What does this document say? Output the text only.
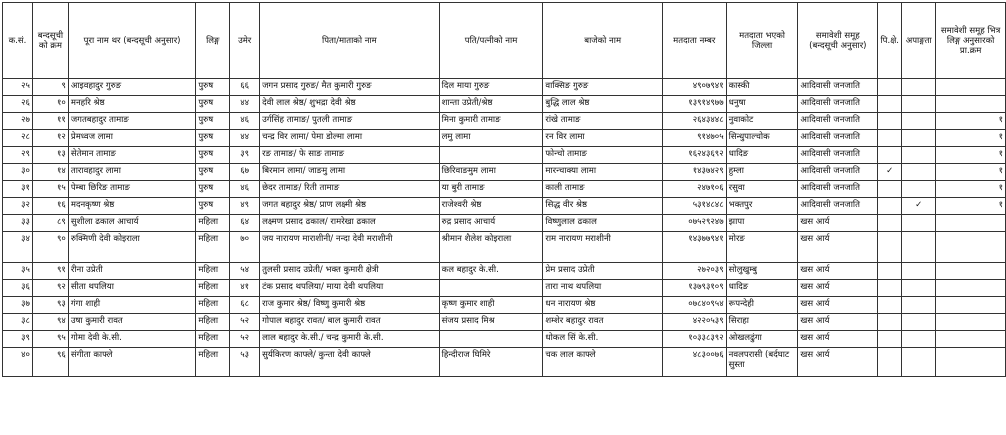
क.सं.	बन्दसूची को क्रम	पूरा नाम थर (बन्दसूची अनुसार)	लिङ्ग	उमेर	पिता/माताको नाम	पति/पत्नीको नाम	बाजेको नाम	मतदाता नम्बर	मतदाता भएको जिल्ला	समावेशी समूह (बन्दसूची अनुसार)	पि.क्षे.	अपाङ्गता	समावेशी समूह भित्र लिङ्ग अनुसारको प्रा.क्रम
२५	९	आइवहादुर गुरुङ	पुरुष	६६	जगन प्रसाद गुरुङ/ मैत कुमारी गुरुङ	दिल माया गुरुङ	वाक्सिङ गुरुङ	४९०७९४१	कास्की	आदिवासी जनजाति			
२६	१०	मनहरि श्रेष्ठ	पुरुष	४४	देवी लाल श्रेष्ठ/ शुभद्रा देवी श्रेष्ठ	शान्ता उप्रेती/श्रेष्ठ	बुद्धि लाल श्रेष्ठ	१३९१४९७७	धनुषा	आदिवासी जनजाति			
२७	११	जगतबहादुर तामाङ	पुरुष	४६	उर्गसिंह तामाङ/ पुतली तामाङ	मिना कुमारी तामाङ	रांखे तामाङ	२६४३४४८	नुवाकोट	आदिवासी जनजाति			१
२८	१२	प्रेमध्वज लामा	पुरुष	४४	चन्द्र विर लामा/ पेमा डोल्मा लामा	लमु लामा	रन विर लामा	९१४७०५	सिन्धुपाल्चोक	आदिवासी जनजाति			१
२९	१३	सेतेमान तामाङ	पुरुष	३९	रङ तामाङ/ फे साङ तामाङ		फोन्चो तामाङ	१६२४३६९२	धादिङ	आदिवासी जनजाति			१
३०	१४	तारावहादुर लामा	पुरुष	६७	बिरमान लामा/ जाङमु लामा	छिरिवाङमुम लामा	मारन्चाक्या लामा	१४३७४२९	हुम्ला	आदिवासी जनजाति	✓		१
३१	१५	पेम्बा छिरिङ तामाङ	पुरुष	४६	छेदर तामाङ/ रिती तामाङ	या बुरी तामाङ	काली तामाङ	२४७१०६	रसुवा	आदिवासी जनजाति			१
३२	१६	मदनकृष्ण श्रेष्ठ	पुरुष	४९	जगत बहादुर श्रेष्ठ/ प्राण लक्ष्मी श्रेष्ठ	राजेश्वरी श्रेष्ठ	सिद्ध वीर श्रेष्ठ	५३१४८४८	भक्तपुर	आदिवासी जनजाति		✓	१
३३	८९	सुशीला ढकाल आचार्य	महिला	६४	लक्ष्मण प्रसाद ढकाल/ रामरेखा ढकाल	रुद्र प्रसाद आचार्य	विष्णुलाल ढकाल	०७५२९२४७	झापा	खस आर्य			
३४	९०	रुक्मिणी देवी कोइराला	महिला	७०	जय नारायण माराशीनी/ नन्दा देवी मराशीनी	श्रीमान शैलेश कोइराला	राम नारायण मराशीनी	१४३७७९४१	मोरङ	खस आर्य			
३५	९१	रीना उप्रेती	महिला	५४	तुलसी प्रसाद उप्रेती/ भक्त कुमारी क्षेत्री	कल बहादुर के.सी.	प्रेम प्रसाद उप्रेती	२७२०३९	सोलुखुम्बु	खस आर्य			
३६	९२	सीता थपलिया	महिला	४१	टंक प्रसाद थपलिया/ माया देवी थपलिया		तारा नाथ थपलिया	१३७९३१०९	धादिङ	खस आर्य			
३७	९३	गंगा शाही	महिला	६८	राज कुमार श्रेष्ठ/ विष्णु कुमारी श्रेष्ठ	कृष्ण कुमार शाही	धन नारायण श्रेष्ठ	०७८४०९५४	रूपन्देही	खस आर्य			
३८	९४	उषा कुमारी रावत	महिला	५२	गोपाल बहादुर रावत/ बाल कुमारी रावत	संजय प्रसाद मिश्र	शम्शेर बहादुर रावत	४२२०५३९	सिराहा	खस आर्य			
३९	९५	गोमा देवी के.सी.	महिला	५२	लाल बहादुर के.सी./ चन्द्र कुमारी के.सी.		धोकल सिं के.सी.	१०३३८३९२	ओखलढुंगा	खस आर्य			
४०	९६	संगीता काफ्ले	महिला	५३	सुर्यकिरण काफ्ले/ कुन्ता देवी काफ्ले	हिन्दीराज घिमिरे	चक लाल काफ्ले	४८३००७६	नवलपरासी (बर्दघाट सुस्ता	खस आर्य			
